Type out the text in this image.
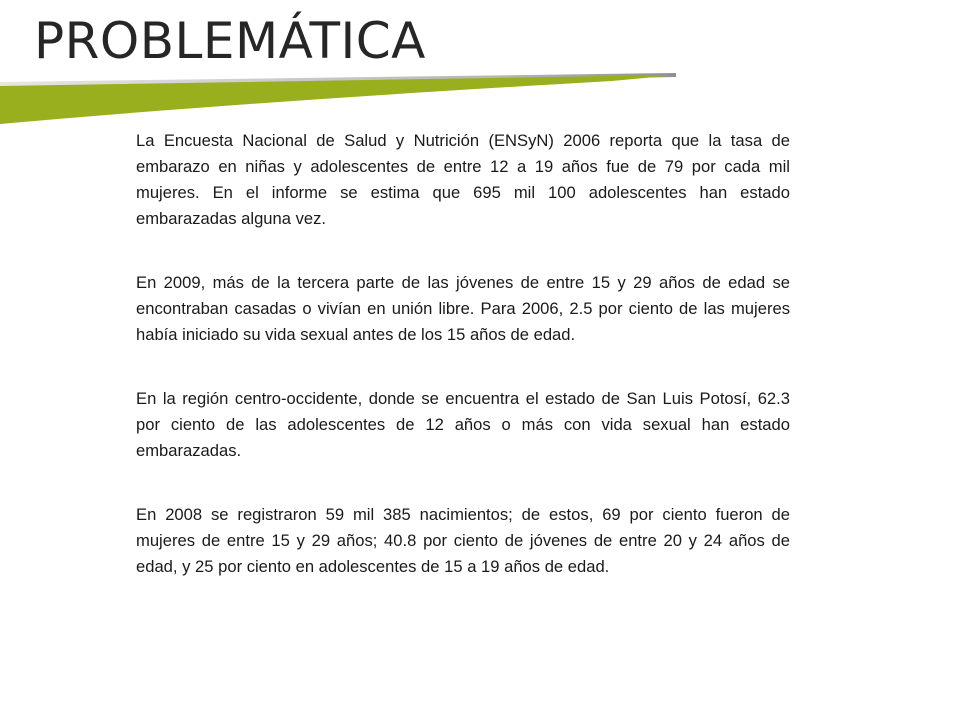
PROBLEMÁTICA

La Encuesta Nacional de Salud y Nutrición (ENSyN) 2006 reporta que la tasa de embarazo en niñas y adolescentes de entre 12 a 19 años fue de 79 por cada mil mujeres. En el informe se estima que 695 mil 100 adolescentes han estado embarazadas alguna vez.

En 2009, más de la tercera parte de las jóvenes de entre 15 y 29 años de edad se encontraban casadas o vivían en unión libre. Para 2006, 2.5 por ciento de las mujeres había iniciado su vida sexual antes de los 15 años de edad.

En la región centro-occidente, donde se encuentra el estado de San Luis Potosí, 62.3 por ciento de las adolescentes de 12 años o más con vida sexual han estado embarazadas.

En 2008 se registraron 59 mil 385 nacimientos; de estos, 69 por ciento fueron de mujeres de entre 15 y 29 años; 40.8 por ciento de jóvenes de entre 20 y 24 años de edad, y 25 por ciento en adolescentes de 15 a 19 años de edad.
